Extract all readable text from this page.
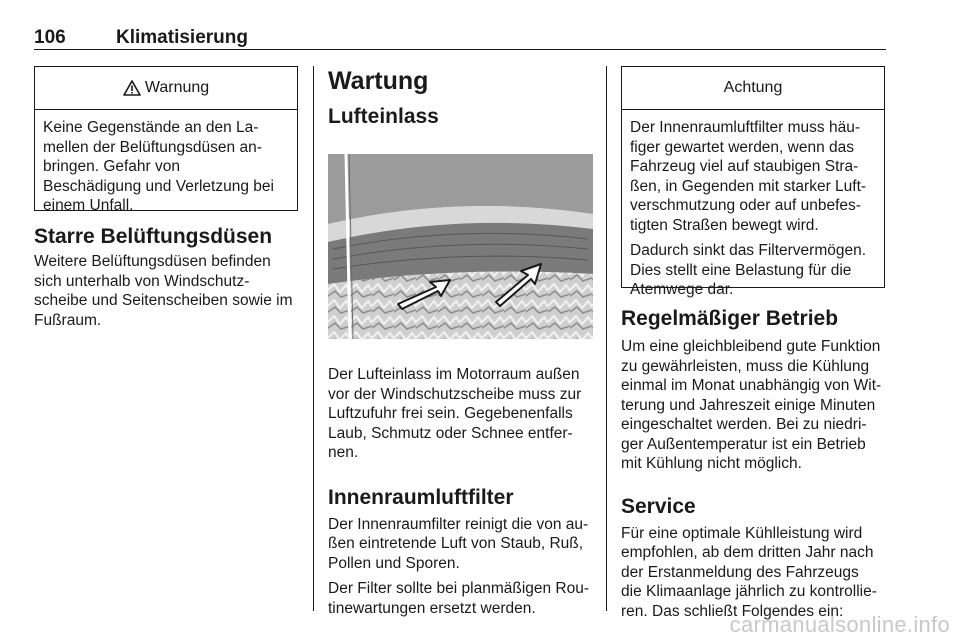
106	Klimatisierung
Warnung
Keine Gegenstände an den La-
mellen der Belüftungsdüsen an-
bringen. Gefahr von
Beschädigung und Verletzung bei
einem Unfall.
Starre Belüftungsdüsen
Weitere Belüftungsdüsen befinden
sich unterhalb von Windschutz-
scheibe und Seitenscheiben sowie im
Fußraum.
Wartung
Lufteinlass
Der Lufteinlass im Motorraum außen
vor der Windschutzscheibe muss zur
Luftzufuhr frei sein. Gegebenenfalls
Laub, Schmutz oder Schnee entfer-
nen.
Innenraumluftfilter
Der Innenraumfilter reinigt die von au-
ßen eintretende Luft von Staub, Ruß,
Pollen und Sporen.
Der Filter sollte bei planmäßigen Rou-
tinewartungen ersetzt werden.
Achtung

Der Innenraumluftfilter muss häu-
figer gewartet werden, wenn das
Fahrzeug viel auf staubigen Stra-
ßen, in Gegenden mit starker Luft-
verschmutzung oder auf unbefes-
tigten Straßen bewegt wird.

Dadurch sinkt das Filtervermögen.
Dies stellt eine Belastung für die
Atemwege dar.

Regelmäßiger Betrieb
Um eine gleichbleibend gute Funktion
zu gewährleisten, muss die Kühlung
einmal im Monat unabhängig von Wit-
terung und Jahreszeit einige Minuten
eingeschaltet werden. Bei zu niedri-
ger Außentemperatur ist ein Betrieb
mit Kühlung nicht möglich.
Service
Für eine optimale Kühlleistung wird
empfohlen, ab dem dritten Jahr nach
der Erstanmeldung des Fahrzeugs
die Klimaanlage jährlich zu kontrollie-
ren. Das schließt Folgendes ein:
carmanualsonline.info
